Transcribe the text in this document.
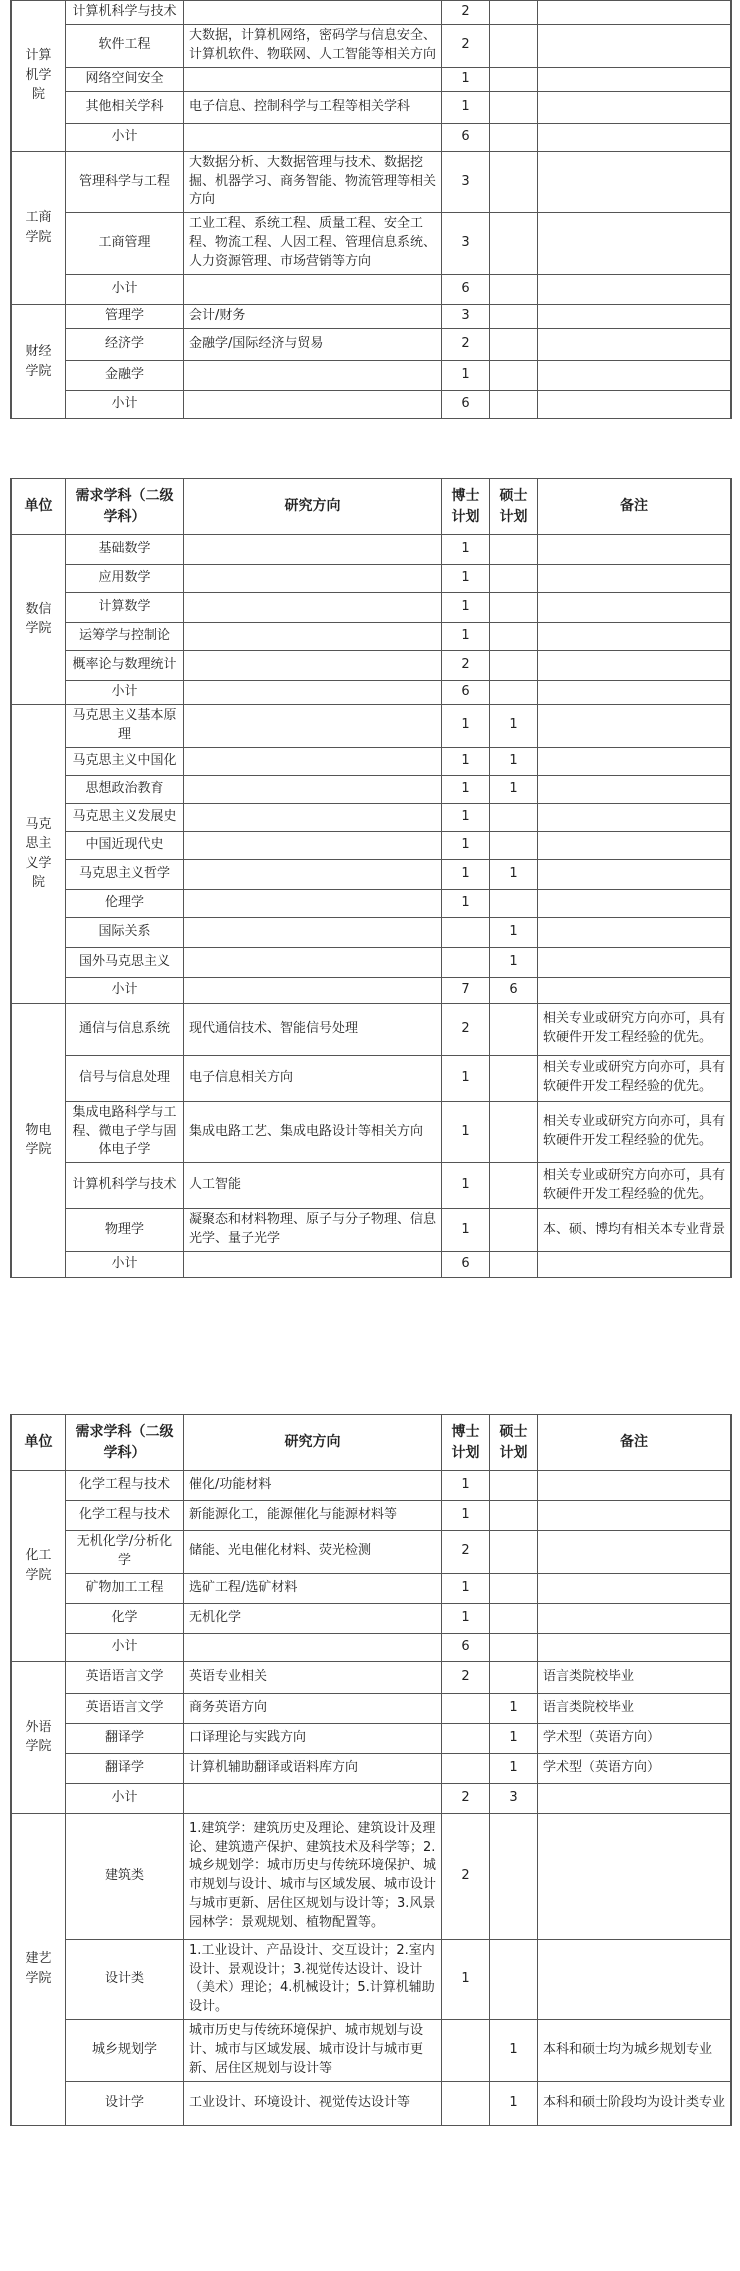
计算机学院	计算机科学与技术		2		
	软件工程	大数据，计算机网络，密码学与信息安全、计算机软件、物联网、人工智能等相关方向	2		
	网络空间安全		1		
	其他相关学科	电子信息、控制科学与工程等相关学科	1		
	小计		6		
工商学院	管理科学与工程	大数据分析、大数据管理与技术、数据挖掘、机器学习、商务智能、物流管理等相关方向	3		
	工商管理	工业工程、系统工程、质量工程、安全工程、物流工程、人因工程、管理信息系统、人力资源管理、市场营销等方向	3		
	小计		6		
财经学院	管理学	会计/财务	3		
	经济学	金融学/国际经济与贸易	2		
	金融学		1		
	小计		6		
单位	需求学科（二级学科）	研究方向	博士计划	硕士计划	备注
数信学院	基础数学		1		
	应用数学		1		
	计算数学		1		
	运筹学与控制论		1		
	概率论与数理统计		2		
	小计		6		
马克思主义学院	马克思主义基本原理		1	1	
	马克思主义中国化		1	1	
	思想政治教育		1	1	
	马克思主义发展史		1		
	中国近现代史		1		
	马克思主义哲学		1	1	
	伦理学		1		
	国际关系			1	
	国外马克思主义			1	
	小计		7	6	
物电学院	通信与信息系统	现代通信技术、智能信号处理	2		相关专业或研究方向亦可，具有软硬件开发工程经验的优先。
	信号与信息处理	电子信息相关方向	1		相关专业或研究方向亦可，具有软硬件开发工程经验的优先。
	集成电路科学与工程、微电子学与固体电子学	集成电路工艺、集成电路设计等相关方向	1		相关专业或研究方向亦可，具有软硬件开发工程经验的优先。
	计算机科学与技术	人工智能	1		相关专业或研究方向亦可，具有软硬件开发工程经验的优先。
	物理学	凝聚态和材料物理、原子与分子物理、信息光学、量子光学	1		本、硕、博均有相关本专业背景
	小计		6		
单位	需求学科（二级学科）	研究方向	博士计划	硕士计划	备注
化工学院	化学工程与技术	催化/功能材料	1		
	化学工程与技术	新能源化工，能源催化与能源材料等	1		
	无机化学/分析化学	储能、光电催化材料、荧光检测	2		
	矿物加工工程	选矿工程/选矿材料	1		
	化学	无机化学	1		
	小计		6		
外语学院	英语语言文学	英语专业相关	2		语言类院校毕业
	英语语言文学	商务英语方向		1	语言类院校毕业
	翻译学	口译理论与实践方向		1	学术型（英语方向）
	翻译学	计算机辅助翻译或语料库方向		1	学术型（英语方向）
	小计		2	3	
建艺学院	建筑类	1.建筑学：建筑历史及理论、建筑设计及理论、建筑遗产保护、建筑技术及科学等；2.城乡规划学：城市历史与传统环境保护、城市规划与设计、城市与区域发展、城市设计与城市更新、居住区规划与设计等；3.风景园林学：景观规划、植物配置等。	2		
	设计类	1.工业设计、产品设计、交互设计；2.室内设计、景观设计；3.视觉传达设计、设计（美术）理论；4.机械设计；5.计算机辅助设计。	1		
	城乡规划学	城市历史与传统环境保护、城市规划与设计、城市与区域发展、城市设计与城市更新、居住区规划与设计等		1	本科和硕士均为城乡规划专业
	设计学	工业设计、环境设计、视觉传达设计等		1	本科和硕士阶段均为设计类专业
